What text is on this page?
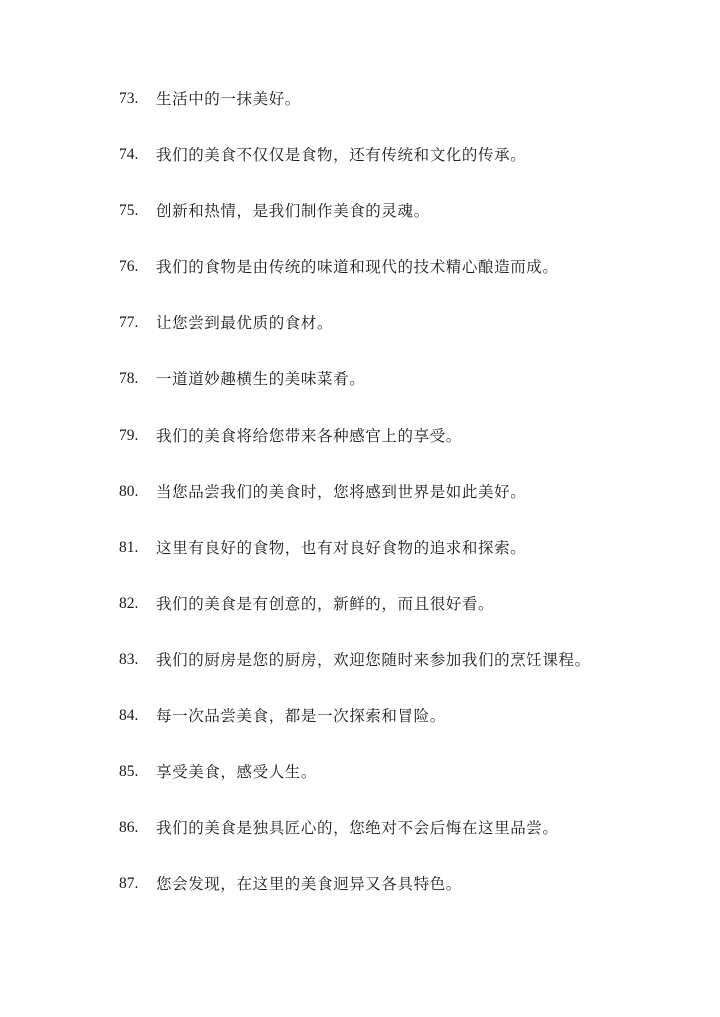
73.	生活中的一抹美好。
74.	我们的美食不仅仅是食物，还有传统和文化的传承。
75.	创新和热情，是我们制作美食的灵魂。
76.	我们的食物是由传统的味道和现代的技术精心酿造而成。
77.	让您尝到最优质的食材。
78.	一道道妙趣横生的美味菜肴。
79.	我们的美食将给您带来各种感官上的享受。
80.	当您品尝我们的美食时，您将感到世界是如此美好。
81.	这里有良好的食物，也有对良好食物的追求和探索。
82.	我们的美食是有创意的，新鲜的，而且很好看。
83.	我们的厨房是您的厨房，欢迎您随时来参加我们的烹饪课程。
84.	每一次品尝美食，都是一次探索和冒险。
85.	享受美食，感受人生。
86.	我们的美食是独具匠心的，您绝对不会后悔在这里品尝。
87.	您会发现，在这里的美食迥异又各具特色。
